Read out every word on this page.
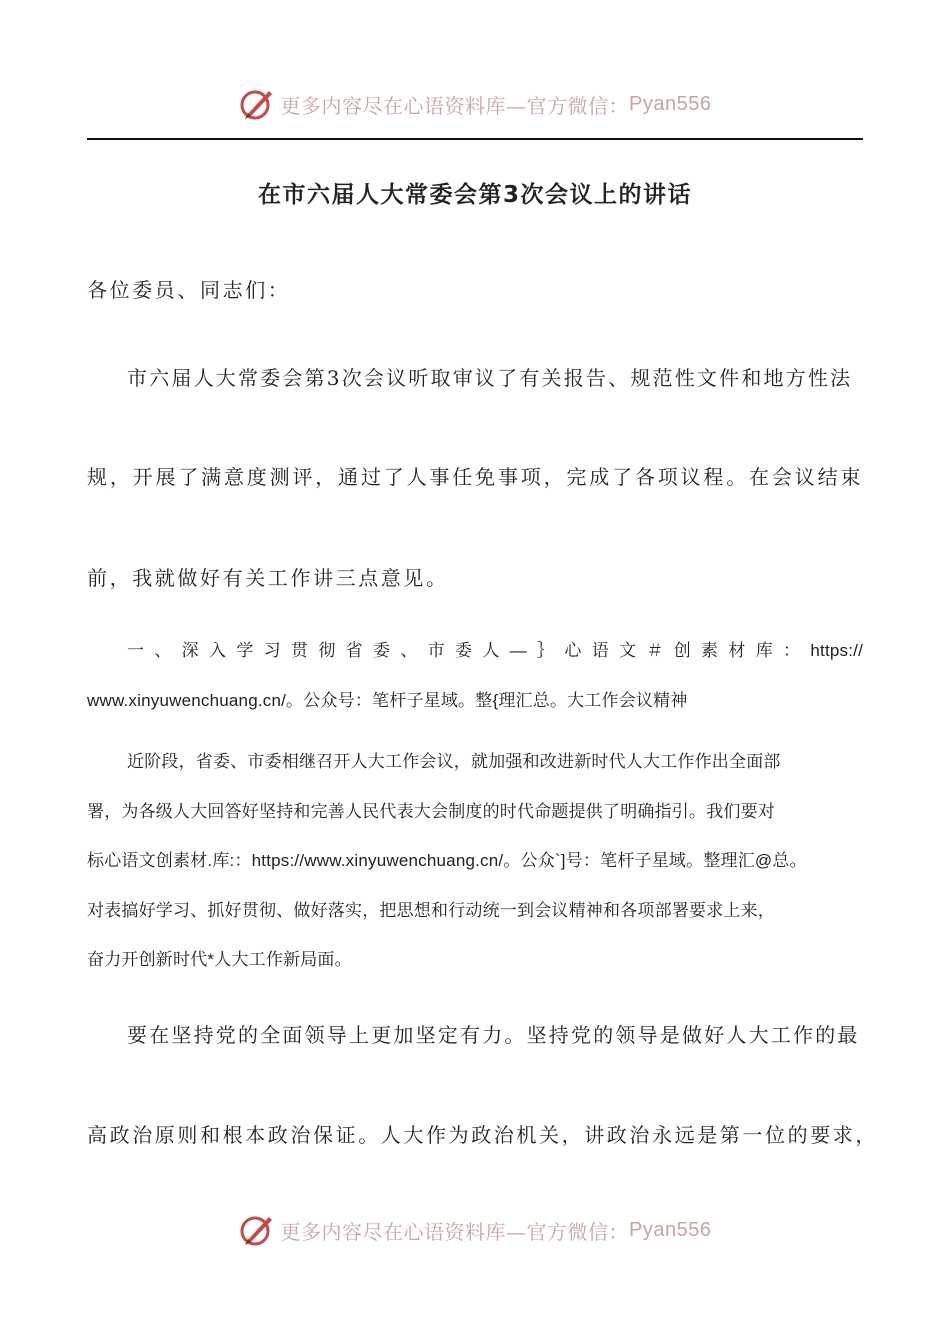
更多内容尽在心语资料库—官方微信： Pyan556
在市六届人大常委会第3次会议上的讲话

各位委员、同志们：

市六届人大常委会第3次会议听取审议了有关报告、规范性文件和地方性法

规，开展了满意度测评，通过了人事任免事项，完成了各项议程。在会议结束

前，我就做好有关工作讲三点意见。

一、深入学习贯彻省委、市委人—｝心语文＃创素材库：https://

www.xinyuwenchuang.cn/。公众号：笔杆子星域。整{理汇总。大工作会议精神

近阶段，省委、市委相继召开人大工作会议，就加强和改进新时代人大工作作出全面部

署，为各级人大回答好坚持和完善人民代表大会制度的时代命题提供了明确指引。我们要对

标心语文创素材.库:：https://www.xinyuwenchuang.cn/。公众`]号：笔杆子星域。整理汇@总。

对表搞好学习、抓好贯彻、做好落实，把思想和行动统一到会议精神和各项部署要求上来，

奋力开创新时代*人大工作新局面。

要在坚持党的全面领导上更加坚定有力。坚持党的领导是做好人大工作的最

高政治原则和根本政治保证。人大作为政治机关，讲政治永远是第一位的要求，

更多内容尽在心语资料库—官方微信： Pyan556
